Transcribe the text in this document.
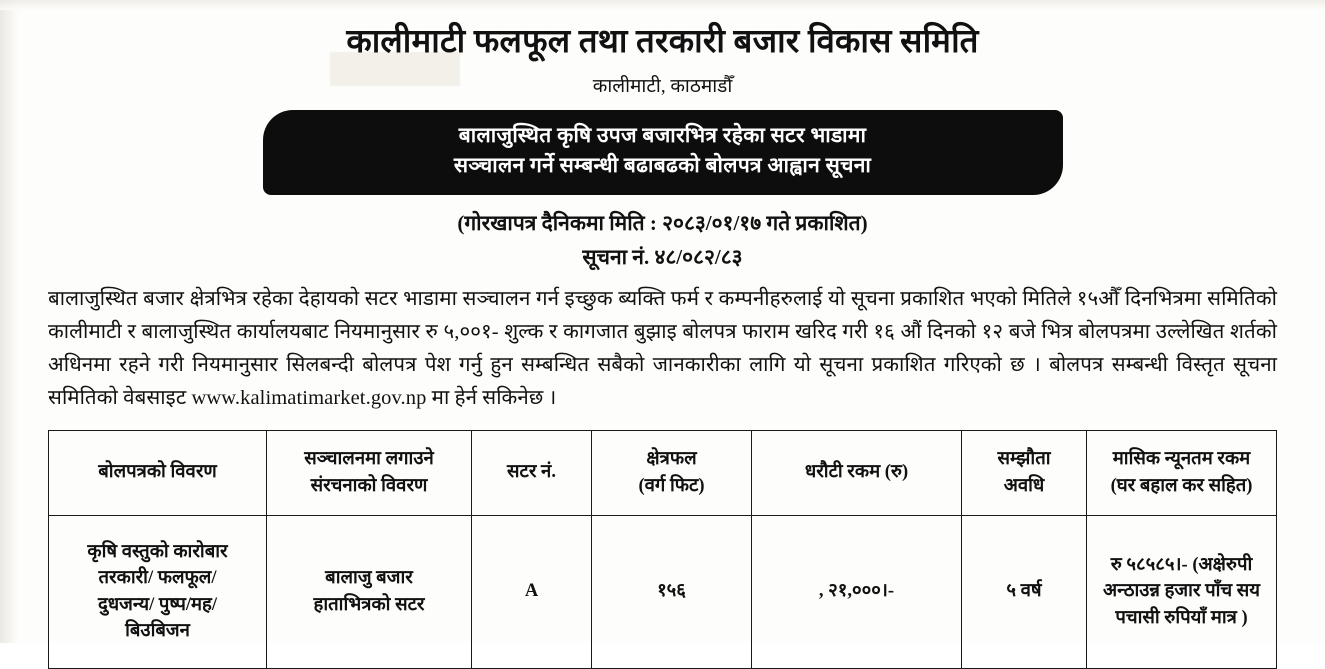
कालीमाटी फलफूल तथा तरकारी बजार विकास समिति
कालीमाटी, काठमाडौँ
बालाजुस्थित कृषि उपज बजारभित्र रहेका सटर भाडामा
सञ्चालन गर्ने सम्बन्धी बढाबढको बोलपत्र आह्वान सूचना
(गोरखापत्र दैनिकमा मिति : २०८३/०१/१७ गते प्रकाशित)
सूचना नं. ४८/०८२/८३
बालाजुस्थित बजार क्षेत्रभित्र रहेका देहायको सटर भाडामा सञ्चालन गर्न इच्छुक ब्यक्ति फर्म र कम्पनीहरुलाई यो सूचना प्रकाशित भएको मितिले १५औँ दिनभित्रमा समितिको कालीमाटी र बालाजुस्थित कार्यालयबाट नियमानुसार रु ५,००१- शुल्क र कागजात बुझाइ बोलपत्र फाराम खरिद गरी १६ औं दिनको १२ बजे भित्र बोलपत्रमा उल्लेखित शर्तको अधिनमा रहने गरी नियमानुसार सिलबन्दी बोलपत्र पेश गर्नु हुन सम्बन्धित सबैको जानकारीका लागि यो सूचना प्रकाशित गरिएको छ । बोलपत्र सम्बन्धी विस्तृत सूचना समितिको वेबसाइट www.kalimatimarket.gov.np मा हेर्न सकिनेछ ।
बोलपत्रको विवरण

सञ्चालनमा लगाउने
संरचनाको विवरण

सटर नं.

क्षेत्रफल
(वर्ग फिट)

धरौटी रकम (रु)

सम्झौता
अवधि

मासिक न्यूनतम रकम
(घर बहाल कर सहित)

कृषि वस्तुको कारोबार
तरकारी/ फलफूल/
दुधजन्य/ पुष्प/मह/
बिउबिजन

बालाजु बजार
हाताभित्रको सटर
	A	१५६	, २१,०००।-	५ वर्ष	
रु ५८५८५।- (अक्षेरुपी
अन्ठाउन्न हजार पाँच सय
पचासी रुपियाँ मात्र )
